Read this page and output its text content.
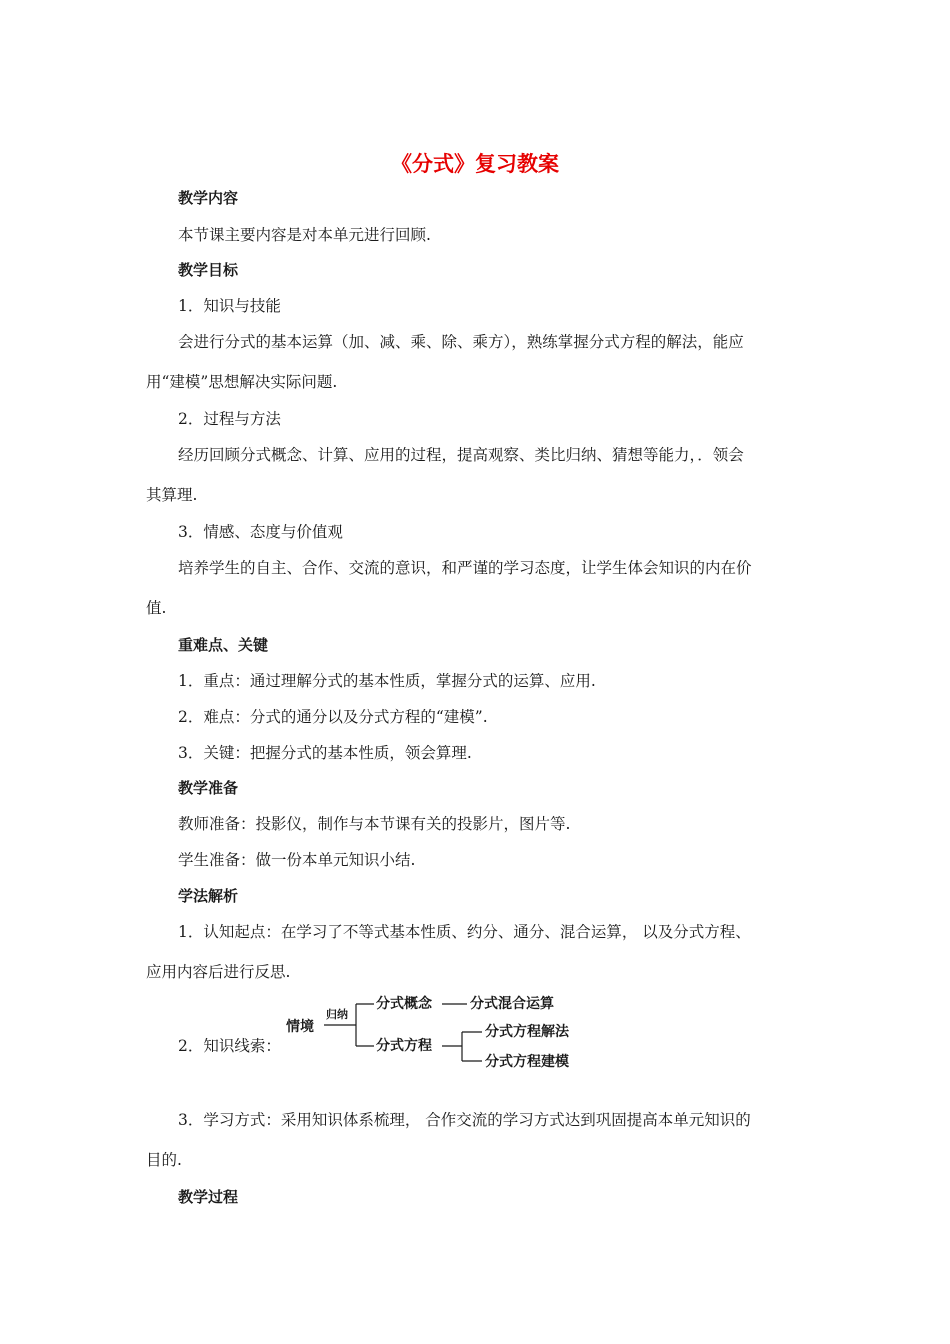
《分式》复习教案
教学内容
本节课主要内容是对本单元进行回顾.
教学目标
1．知识与技能
会进行分式的基本运算（加、减、乘、除、乘方），熟练掌握分式方程的解法，能应
用“建模”思想解决实际问题.
2．过程与方法
经历回顾分式概念、计算、应用的过程，提高观察、类比归纳、猜想等能力，．领会
其算理.
3．情感、态度与价值观
培养学生的自主、合作、交流的意识，和严谨的学习态度，让学生体会知识的内在价
值.
重难点、关键
1．重点：通过理解分式的基本性质，掌握分式的运算、应用.
2．难点：分式的通分以及分式方程的“建模”.
3．关键：把握分式的基本性质，领会算理.
教学准备
教师准备：投影仪，制作与本节课有关的投影片，图片等.
学生准备：做一份本单元知识小结.
学法解析
1．认知起点：在学习了不等式基本性质、约分、通分、混合运算， 以及分式方程、
应用内容后进行反思.
2．知识线索：
情境
归纳
分式概念	分式混合运算
分式方程
分式方程解法
分式方程建模
3．学习方式：采用知识体系梳理， 合作交流的学习方式达到巩固提高本单元知识的
目的.
教学过程
